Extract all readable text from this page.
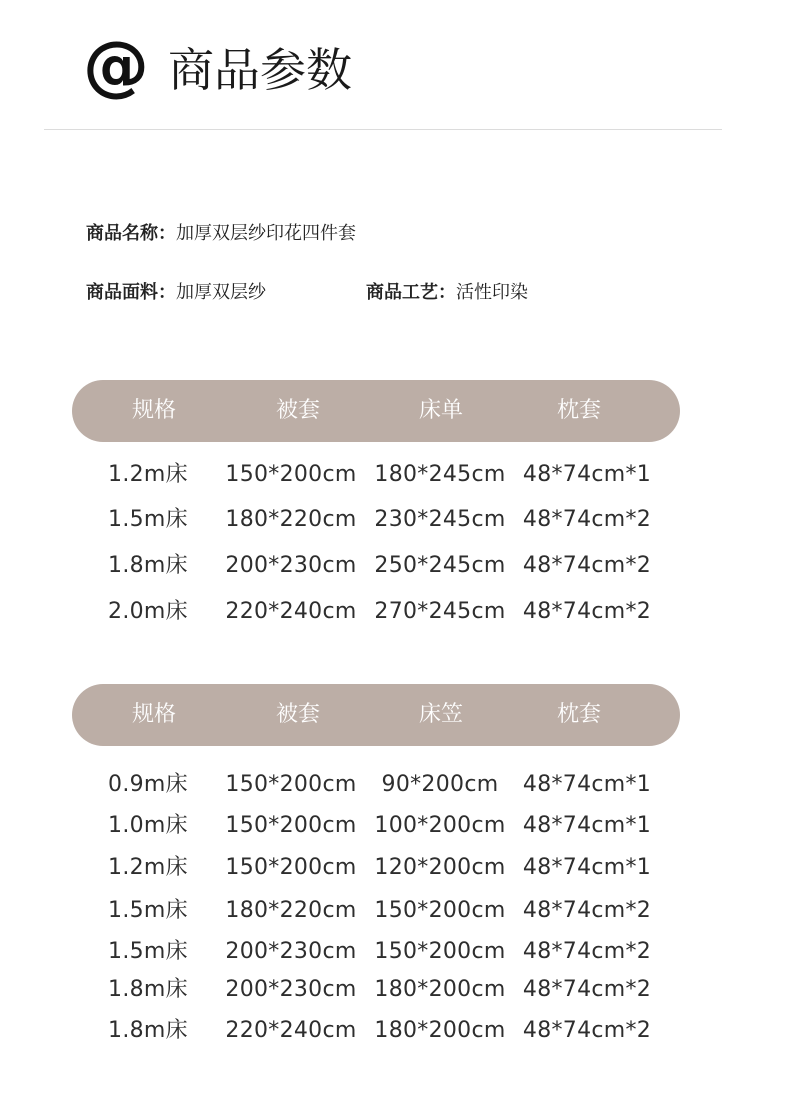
@ 商品参数
商品名称：加厚双层纱印花四件套
商品面料：加厚双层纱	商品工艺：活性印染
规格	被套	床单	枕套
1.2m床 150*200cm 180*245cm 48*74cm*1
1.5m床 180*220cm 230*245cm 48*74cm*2
1.8m床 200*230cm 250*245cm 48*74cm*2
2.0m床 220*240cm 270*245cm 48*74cm*2
规格	被套	床笠	枕套
0.9m床 150*200cm 90*200cm 48*74cm*1
1.0m床 150*200cm 100*200cm 48*74cm*1
1.2m床 150*200cm 120*200cm 48*74cm*1
1.5m床 180*220cm 150*200cm 48*74cm*2
1.5m床 200*230cm 150*200cm 48*74cm*2
1.8m床 200*230cm 180*200cm 48*74cm*2
1.8m床 220*240cm 180*200cm 48*74cm*2
